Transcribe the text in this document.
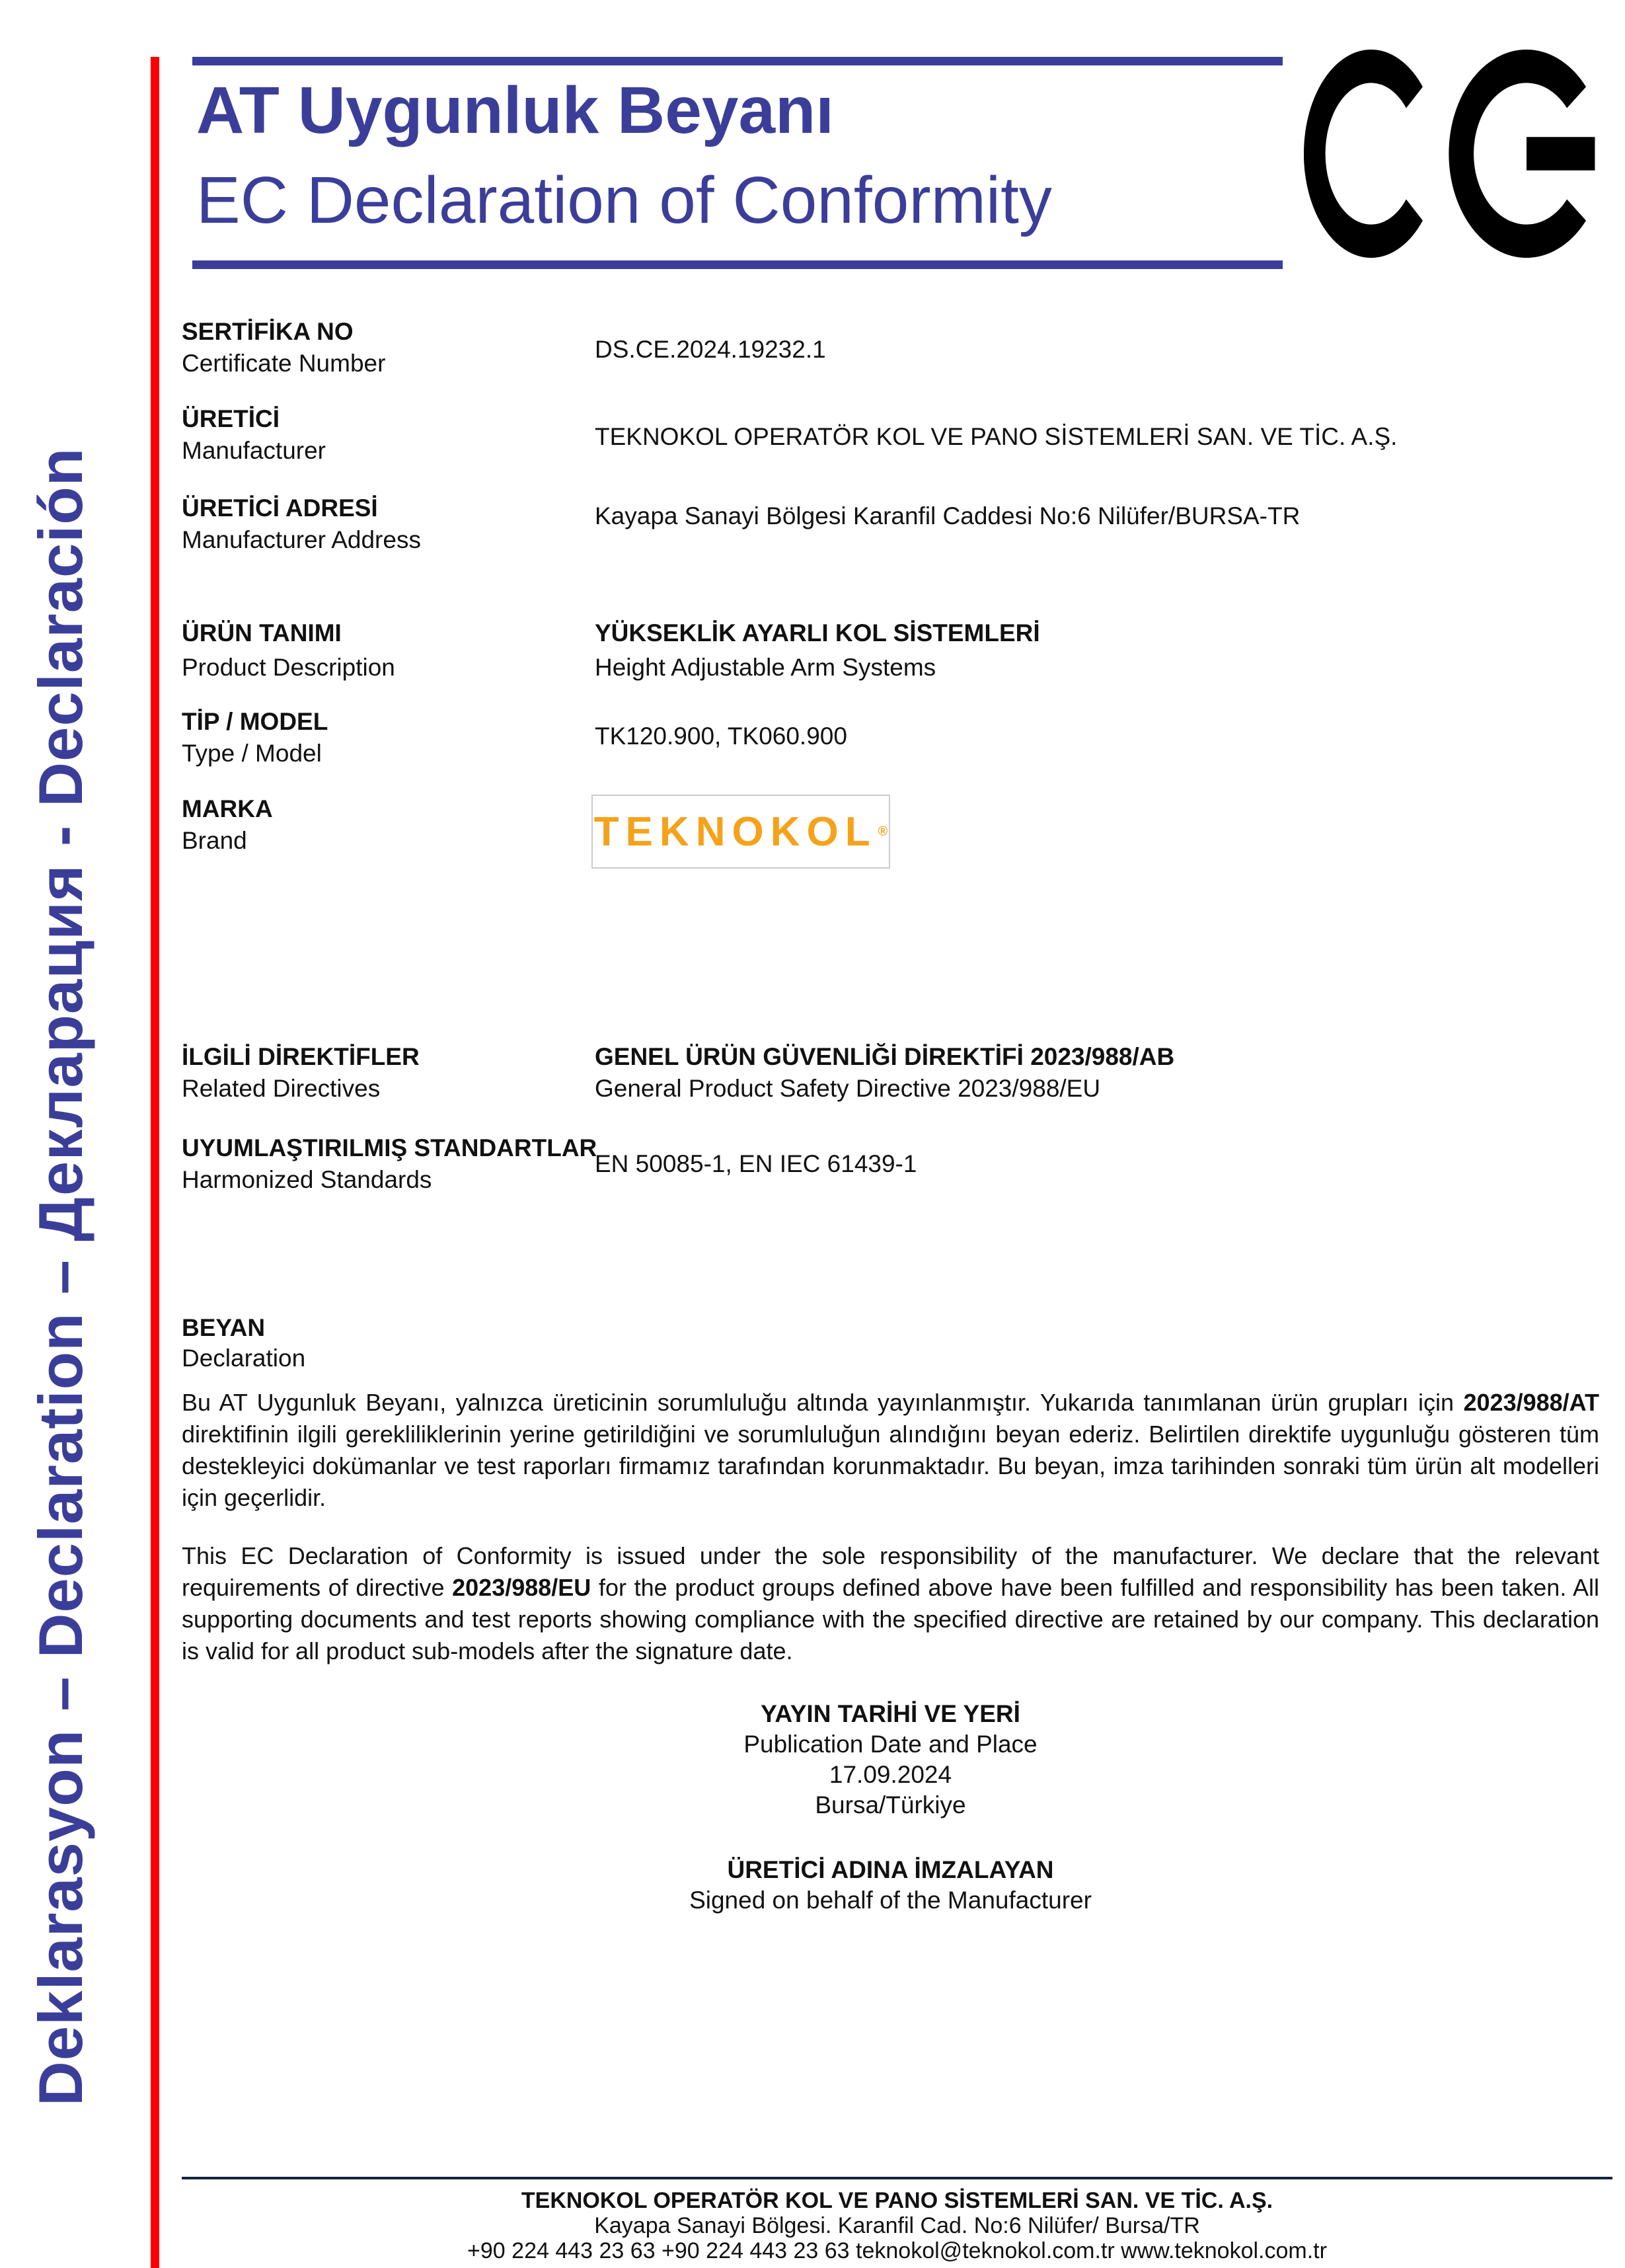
Deklarasyon – Declaration – Декларация - Declaración
AT Uygunluk Beyanı
EC Declaration of Conformity
SERTİFİKA NO
Certificate Number
DS.CE.2024.19232.1
ÜRETİCİ
Manufacturer
TEKNOKOL OPERATÖR KOL VE PANO SİSTEMLERİ SAN. VE TİC. A.Ş.
ÜRETİCİ ADRESİ
Manufacturer Address
Kayapa Sanayi Bölgesi Karanfil Caddesi No:6 Nilüfer/BURSA-TR
ÜRÜN TANIMI
Product Description
YÜKSEKLİK AYARLI KOL SİSTEMLERİ
Height Adjustable Arm Systems
TİP / MODEL
Type / Model
TK120.900, TK060.900
MARKA
Brand	TEKNOKOL ®
İLGİLİ DİREKTİFLER
Related Directives
GENEL ÜRÜN GÜVENLİĞİ DİREKTİFİ 2023/988/AB
General Product Safety Directive 2023/988/EU
UYUMLAŞTIRILMIŞ STANDARTLAR
Harmonized Standards
EN 50085-1, EN IEC 61439-1
BEYAN
Declaration
Bu AT Uygunluk Beyanı, yalnızca üreticinin sorumluluğu altında yayınlanmıştır. Yukarıda tanımlanan ürün grupları için 2023/988/AT direktifinin ilgili gerekliliklerinin yerine getirildiğini ve sorumluluğun alındığını beyan ederiz. Belirtilen direktife uygunluğu gösteren tüm destekleyici dokümanlar ve test raporları firmamız tarafından korunmaktadır. Bu beyan, imza tarihinden sonraki tüm ürün alt modelleri için geçerlidir.
This EC Declaration of Conformity is issued under the sole responsibility of the manufacturer. We declare that the relevant requirements of directive 2023/988/EU for the product groups defined above have been fulfilled and responsibility has been taken. All supporting documents and test reports showing compliance with the specified directive are retained by our company. This declaration is valid for all product sub-models after the signature date.
YAYIN TARİHİ VE YERİ
Publication Date and Place
17.09.2024
Bursa/Türkiye
ÜRETİCİ ADINA İMZALAYAN
Signed on behalf of the Manufacturer
TEKNOKOL OPERATÖR KOL VE PANO SİSTEMLERİ SAN. VE TİC. A.Ş.
Kayapa Sanayi Bölgesi. Karanfil Cad. No:6 Nilüfer/ Bursa/TR
+90 224 443 23 63 +90 224 443 23 63 teknokol@teknokol.com.tr www.teknokol.com.tr
